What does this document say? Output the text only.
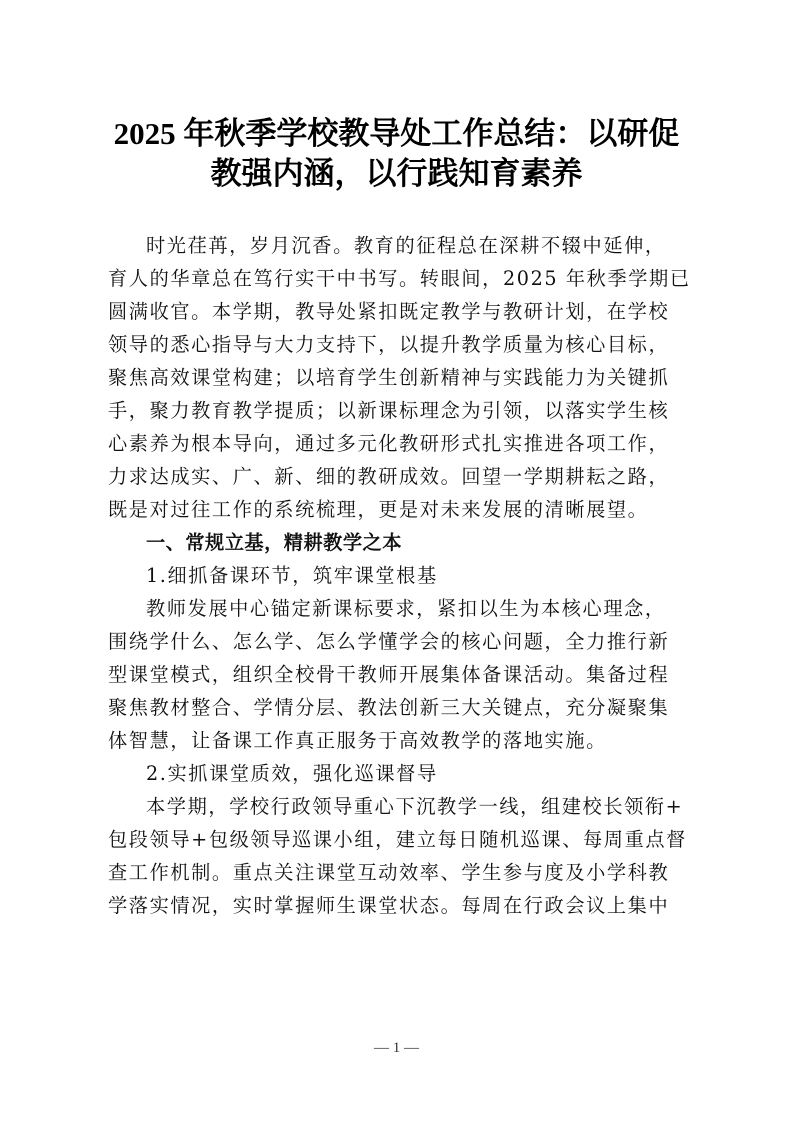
2025 年秋季学校教导处工作总结：以研促
教强内涵，以行践知育素养
时光荏苒，岁月沉香。教育的征程总在深耕不辍中延伸，
育人的华章总在笃行实干中书写。转眼间，2025 年秋季学期已
圆满收官。本学期，教导处紧扣既定教学与教研计划，在学校
领导的悉心指导与大力支持下，以提升教学质量为核心目标，
聚焦高效课堂构建；以培育学生创新精神与实践能力为关键抓
手，聚力教育教学提质；以新课标理念为引领，以落实学生核
心素养为根本导向，通过多元化教研形式扎实推进各项工作，
力求达成实、广、新、细的教研成效。回望一学期耕耘之路，
既是对过往工作的系统梳理，更是对未来发展的清晰展望。
一、常规立基，精耕教学之本
1.细抓备课环节，筑牢课堂根基
教师发展中心锚定新课标要求，紧扣以生为本核心理念，
围绕学什么、怎么学、怎么学懂学会的核心问题，全力推行新
型课堂模式，组织全校骨干教师开展集体备课活动。集备过程
聚焦教材整合、学情分层、教法创新三大关键点，充分凝聚集
体智慧，让备课工作真正服务于高效教学的落地实施。
2.实抓课堂质效，强化巡课督导
本学期，学校行政领导重心下沉教学一线，组建校长领衔+
包段领导+包级领导巡课小组，建立每日随机巡课、每周重点督
查工作机制。重点关注课堂互动效率、学生参与度及小学科教
学落实情况，实时掌握师生课堂状态。每周在行政会议上集中
— 1 —
